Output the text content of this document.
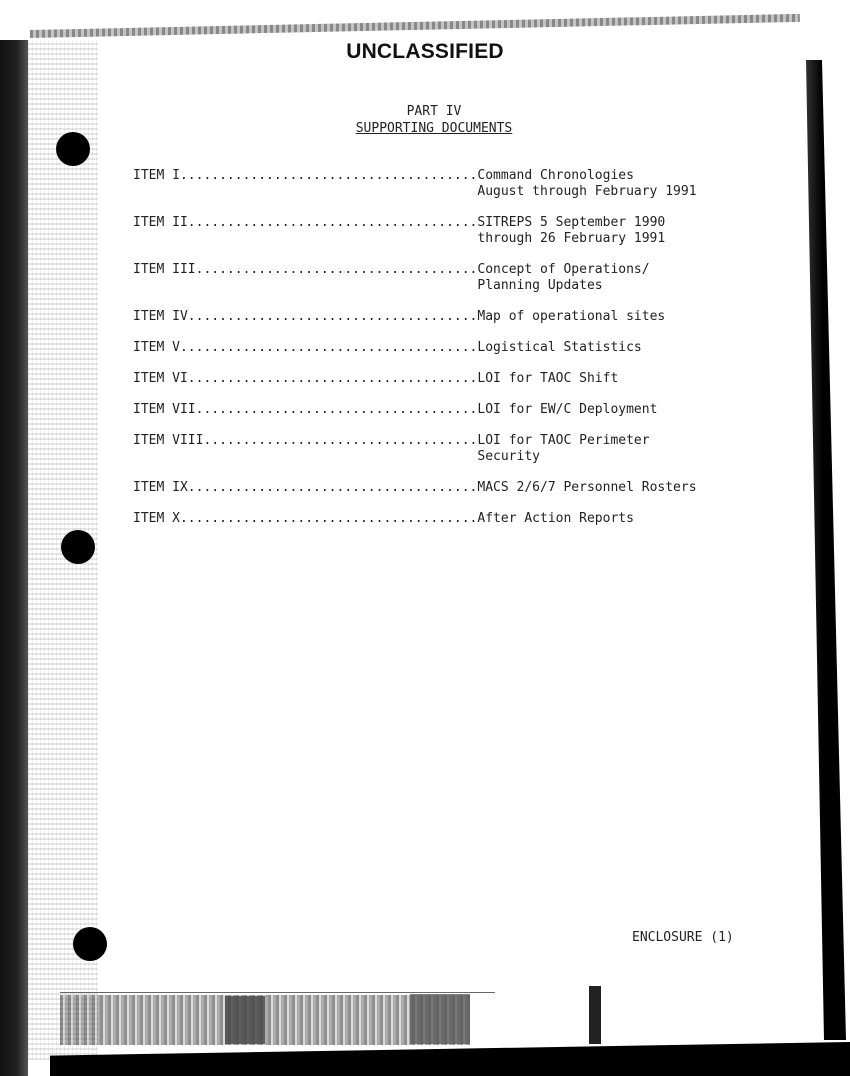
UNCLASSIFIED
PART IV
SUPPORTING DOCUMENTS
ITEM I......................................Command Chronologies
August through February 1991
ITEM II.....................................SITREPS 5 September 1990
through 26 February 1991
ITEM III....................................Concept of Operations/
Planning Updates
ITEM IV.....................................Map of operational sites
ITEM V......................................Logistical Statistics
ITEM VI.....................................LOI for TAOC Shift
ITEM VII....................................LOI for EW/C Deployment
ITEM VIII...................................LOI for TAOC Perimeter
Security
ITEM IX.....................................MACS 2/6/7 Personnel Rosters
ITEM X......................................After Action Reports
ENCLOSURE (1)
